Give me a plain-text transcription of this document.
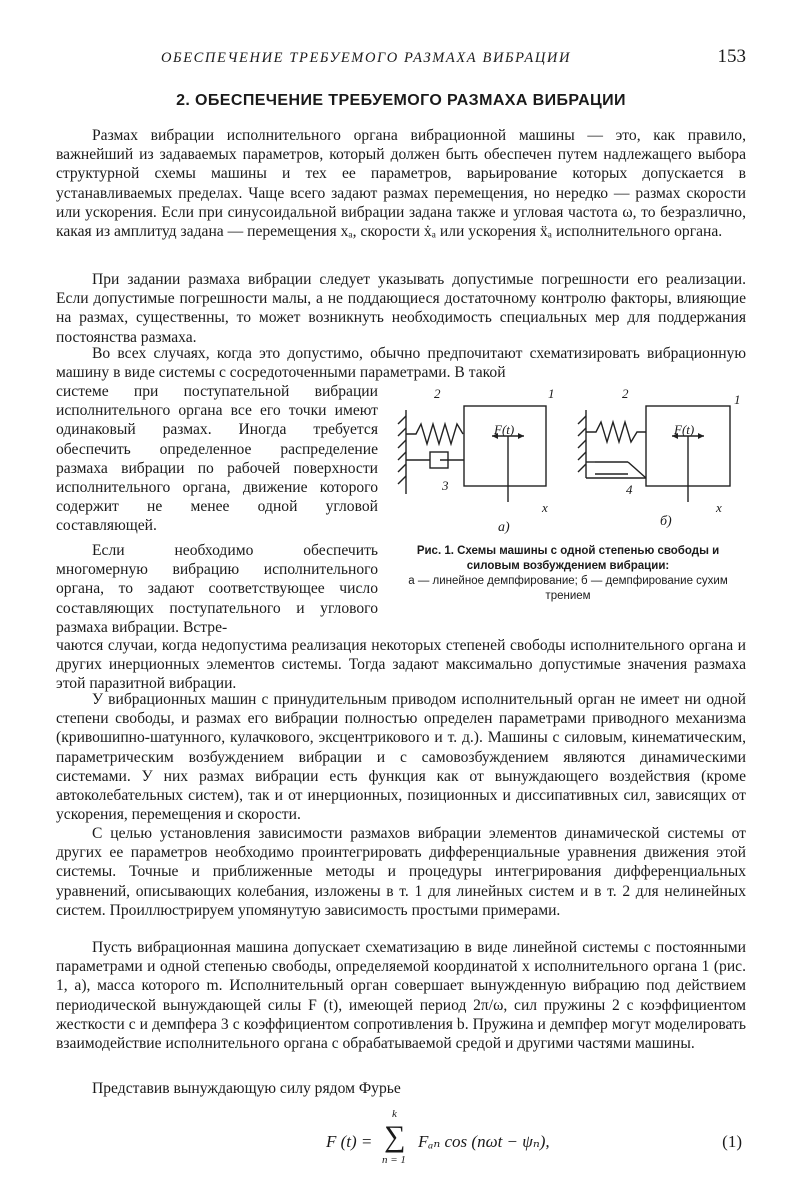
ОБЕСПЕЧЕНИЕ ТРЕБУЕМОГО РАЗМАХА ВИБРАЦИИ	153
2. ОБЕСПЕЧЕНИЕ ТРЕБУЕМОГО РАЗМАХА ВИБРАЦИИ

Размах вибрации исполнительного органа вибрационной машины — это, как правило, важнейший из задаваемых параметров, который должен быть обеспечен путем надлежащего выбора структурной схемы машины и тех ее параметров, варьирование которых допускается в устанавливаемых пределах. Чаще всего задают размах перемещения, но нередко — размах скорости или ускорения. Если при синусоидальной вибрации задана также и угловая частота ω, то безразлично, какая из амплитуд задана — перемещения xₐ, скорости ẋₐ или ускорения ẍₐ исполнительного органа.

При задании размаха вибрации следует указывать допустимые погрешности его реализации. Если допустимые погрешности малы, а не поддающиеся достаточному контролю факторы, влияющие на размах, существенны, то может возникнуть необходимость специальных мер для поддержания постоянства размаха.

Во всех случаях, когда это допустимо, обычно предпочитают схематизировать вибрационную машину в виде системы с сосредоточенными параметрами. В такой

системе при поступательной вибрации исполнительного органа все его точки имеют одинаковый размах. Иногда требуется обеспечить определенное распределение размаха вибрации по рабочей поверхности исполнительного органа, движение которого содержит не менее одной угловой составляющей.

Если необходимо обеспечить многомерную вибрацию исполнительного органа, то задают соответствующее число составляющих поступательного и углового размаха вибрации. Встре-

чаются случаи, когда недопустима реализация некоторых степеней свободы исполнительного органа и других инерционных элементов системы. Тогда задают максимально допустимые значения размаха этой паразитной вибрации.

У вибрационных машин с принудительным приводом исполнительный орган не имеет ни одной степени свободы, и размах его вибрации полностью определен параметрами приводного механизма (кривошипно-шатунного, кулачкового, эксцентрикового и т. д.). Машины с силовым, кинематическим, параметрическим возбуждением вибрации и с самовозбуждением являются динамическими системами. У них размах вибрации есть функция как от вынуждающего воздействия (кроме автоколебательных систем), так и от инерционных, позиционных и диссипативных сил, зависящих от ускорения, перемещения и скорости.

С целью установления зависимости размахов вибрации элементов динамической системы от других ее параметров необходимо проинтегрировать дифференциальные уравнения движения этой системы. Точные и приближенные методы и процедуры интегрирования дифференциальных уравнений, описывающих колебания, изложены в т. 1 для линейных систем и в т. 2 для нелинейных систем. Проиллюстрируем упомянутую зависимость простыми примерами.

Пусть вибрационная машина допускает схематизацию в виде линейной системы с постоянными параметрами и одной степенью свободы, определяемой координатой x исполнительного органа 1 (рис. 1, а), масса которого m. Исполнительный орган совершает вынужденную вибрацию под действием периодической вынуждающей силы F (t), имеющей период 2π/ω, сил пружины 2 с коэффициентом жесткости c и демпфера 3 с коэффициентом сопротивления b. Пружина и демпфер могут моделировать взаимодействие исполнительного органа с обрабатываемой средой и другими частями машины.

Представив вынуждающую силу рядом Фурье

F(t)	F(t)
1
2
3
1
2
4
x	x
а)	б)
Рис. 1. Схемы машины с одной степенью свободы и силовым возбуждением вибрации:
а — линейное демпфирование; б — демпфирование сухим трением
F (t) =
k
∑
n = 1
Fₐₙ cos (nωt − ψₙ),	(1)
